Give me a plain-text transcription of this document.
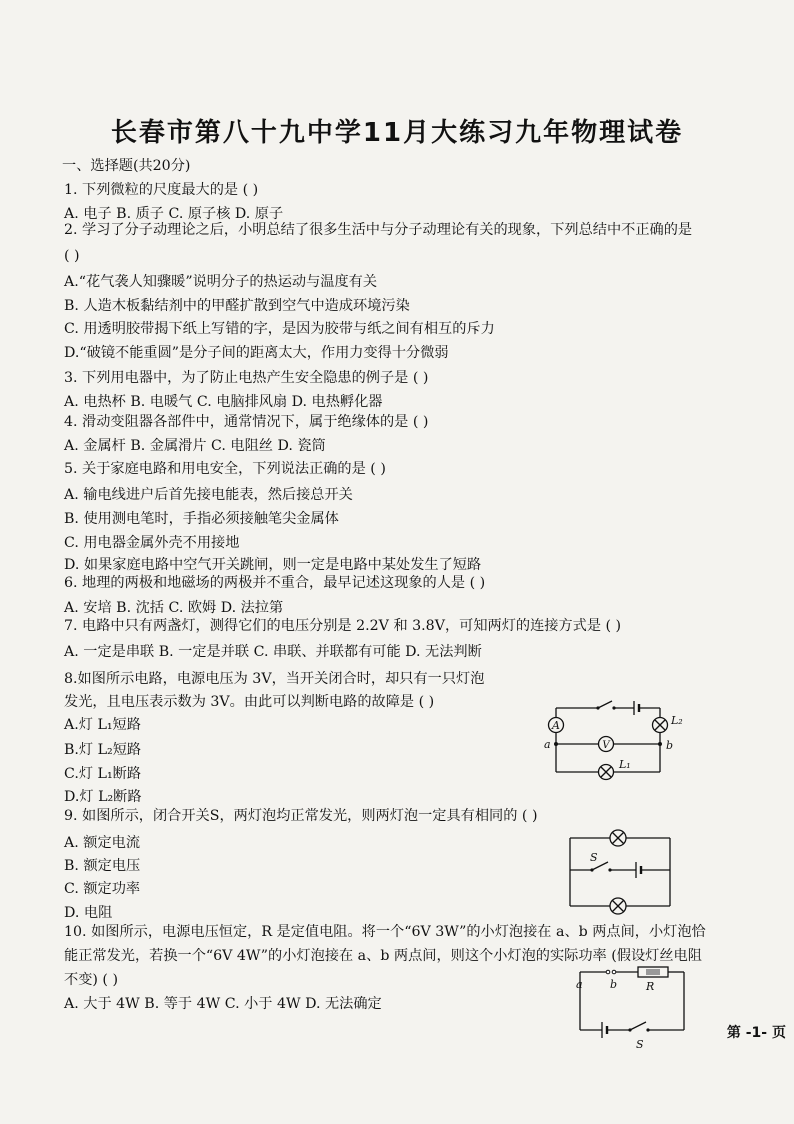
长春市第八十九中学11月大练习九年物理试卷
一、选择题(共20分)
1. 下列微粒的尺度最大的是 ( )
A. 电子 B. 质子 C. 原子核 D. 原子
2. 学习了分子动理论之后，小明总结了很多生活中与分子动理论有关的现象，下列总结中不正确的是
( )
A.“花气袭人知骤暖”说明分子的热运动与温度有关
B. 人造木板黏结剂中的甲醛扩散到空气中造成环境污染
C. 用透明胶带揭下纸上写错的字，是因为胶带与纸之间有相互的斥力
D.“破镜不能重圆”是分子间的距离太大，作用力变得十分微弱
3. 下列用电器中，为了防止电热产生安全隐患的例子是 ( )
A. 电热杯 B. 电暖气 C. 电脑排风扇 D. 电热孵化器
4. 滑动变阻器各部件中，通常情况下，属于绝缘体的是 ( )
A. 金属杆 B. 金属滑片 C. 电阻丝 D. 瓷筒
5. 关于家庭电路和用电安全，下列说法正确的是 ( )
A. 输电线进户后首先接电能表，然后接总开关
B. 使用测电笔时，手指必须接触笔尖金属体
C. 用电器金属外壳不用接地
D. 如果家庭电路中空气开关跳闸，则一定是电路中某处发生了短路
6. 地理的两极和地磁场的两极并不重合，最早记述这现象的人是 ( )
A. 安培 B. 沈括 C. 欧姆 D. 法拉第
7. 电路中只有两盏灯，测得它们的电压分别是 2.2V 和 3.8V，可知两灯的连接方式是 ( )
A. 一定是串联 B. 一定是并联 C. 串联、并联都有可能 D. 无法判断
8.如图所示电路，电源电压为 3V，当开关闭合时，却只有一只灯泡
发光，且电压表示数为 3V。由此可以判断电路的故障是 ( )
A.灯 L₁短路
B.灯 L₂短路
C.灯 L₁断路
D.灯 L₂断路
A
V
L₂
L₁
a	b
9. 如图所示，闭合开关S，两灯泡均正常发光，则两灯泡一定具有相同的 ( )
A. 额定电流
B. 额定电压
C. 额定功率
D. 电阻
S
10. 如图所示，电源电压恒定，R 是定值电阻。将一个“6V 3W”的小灯泡接在 a、b 两点间，小灯泡恰
能正常发光，若换一个“6V 4W”的小灯泡接在 a、b 两点间，则这个小灯泡的实际功率 (假设灯丝电阻
不变) ( )
A. 大于 4W B. 等于 4W C. 小于 4W D. 无法确定
a b	R
S
第 -1- 页
